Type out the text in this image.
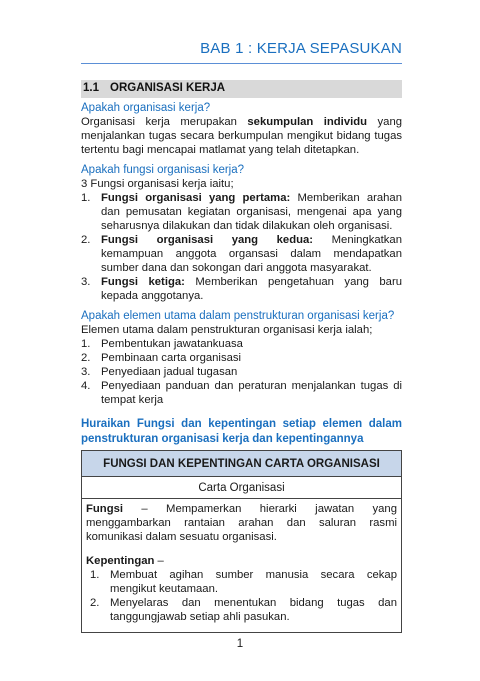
BAB 1 : KERJA SEPASUKAN
1.1 ORGANISASI KERJA
Apakah organisasi kerja?
Organisasi kerja merupakan sekumpulan individu yang menjalankan tugas secara berkumpulan mengikut bidang tugas tertentu bagi mencapai matlamat yang telah ditetapkan.
Apakah fungsi organisasi kerja?
3 Fungsi organisasi kerja iaitu;
1. Fungsi organisasi yang pertama: Memberikan arahan dan pemusatan kegiatan organisasi, mengenai apa yang seharusnya dilakukan dan tidak dilakukan oleh organisasi.
2. Fungsi organisasi yang kedua: Meningkatkan kemampuan anggota organsasi dalam mendapatkan sumber dana dan sokongan dari anggota masyarakat.
3. Fungsi ketiga: Memberikan pengetahuan yang baru kepada anggotanya.
Apakah elemen utama dalam penstrukturan organisasi kerja?
Elemen utama dalam penstrukturan organisasi kerja ialah;
1. Pembentukan jawatankuasa
2. Pembinaan carta organisasi
3. Penyediaan jadual tugasan
4. Penyediaan panduan dan peraturan menjalankan tugas di tempat kerja
Huraikan Fungsi dan kepentingan setiap elemen dalam penstrukturan organisasi kerja dan kepentingannya
FUNGSI DAN KEPENTINGAN CARTA ORGANISASI
Carta Organisasi
Fungsi – Mempamerkan hierarki jawatan yang menggambarkan rantaian arahan dan saluran rasmi komunikasi dalam sesuatu organisasi.
Kepentingan –
1. Membuat agihan sumber manusia secara cekap mengikut keutamaan.
2. Menyelaras dan menentukan bidang tugas dan tanggungjawab setiap ahli pasukan.
1
